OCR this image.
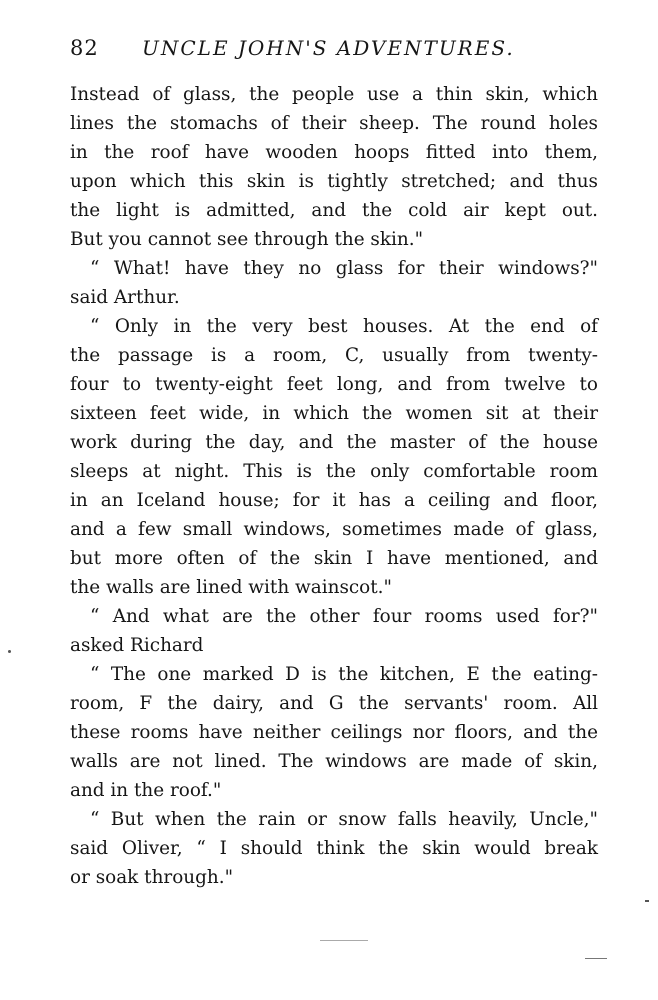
82 UNCLE JOHN'S ADVENTURES.
Instead of glass, the people use a thin skin, which
lines the stomachs of their sheep. The round holes
in the roof have wooden hoops fitted into them,
upon which this skin is tightly stretched; and thus
the light is admitted, and the cold air kept out.
But you cannot see through the skin."
“ What! have they no glass for their windows?"
said Arthur.
“ Only in the very best houses. At the end of
the passage is a room, C, usually from twenty-
four to twenty-eight feet long, and from twelve to
sixteen feet wide, in which the women sit at their
work during the day, and the master of the house
sleeps at night. This is the only comfortable room
in an Iceland house; for it has a ceiling and floor,
and a few small windows, sometimes made of glass,
but more often of the skin I have mentioned, and
the walls are lined with wainscot."
“ And what are the other four rooms used for?"
asked Richard
“ The one marked D is the kitchen, E the eating-
room, F the dairy, and G the servants' room. All
these rooms have neither ceilings nor floors, and the
walls are not lined. The windows are made of skin,
and in the roof."
“ But when the rain or snow falls heavily, Uncle,"
said Oliver, “ I should think the skin would break
or soak through."
